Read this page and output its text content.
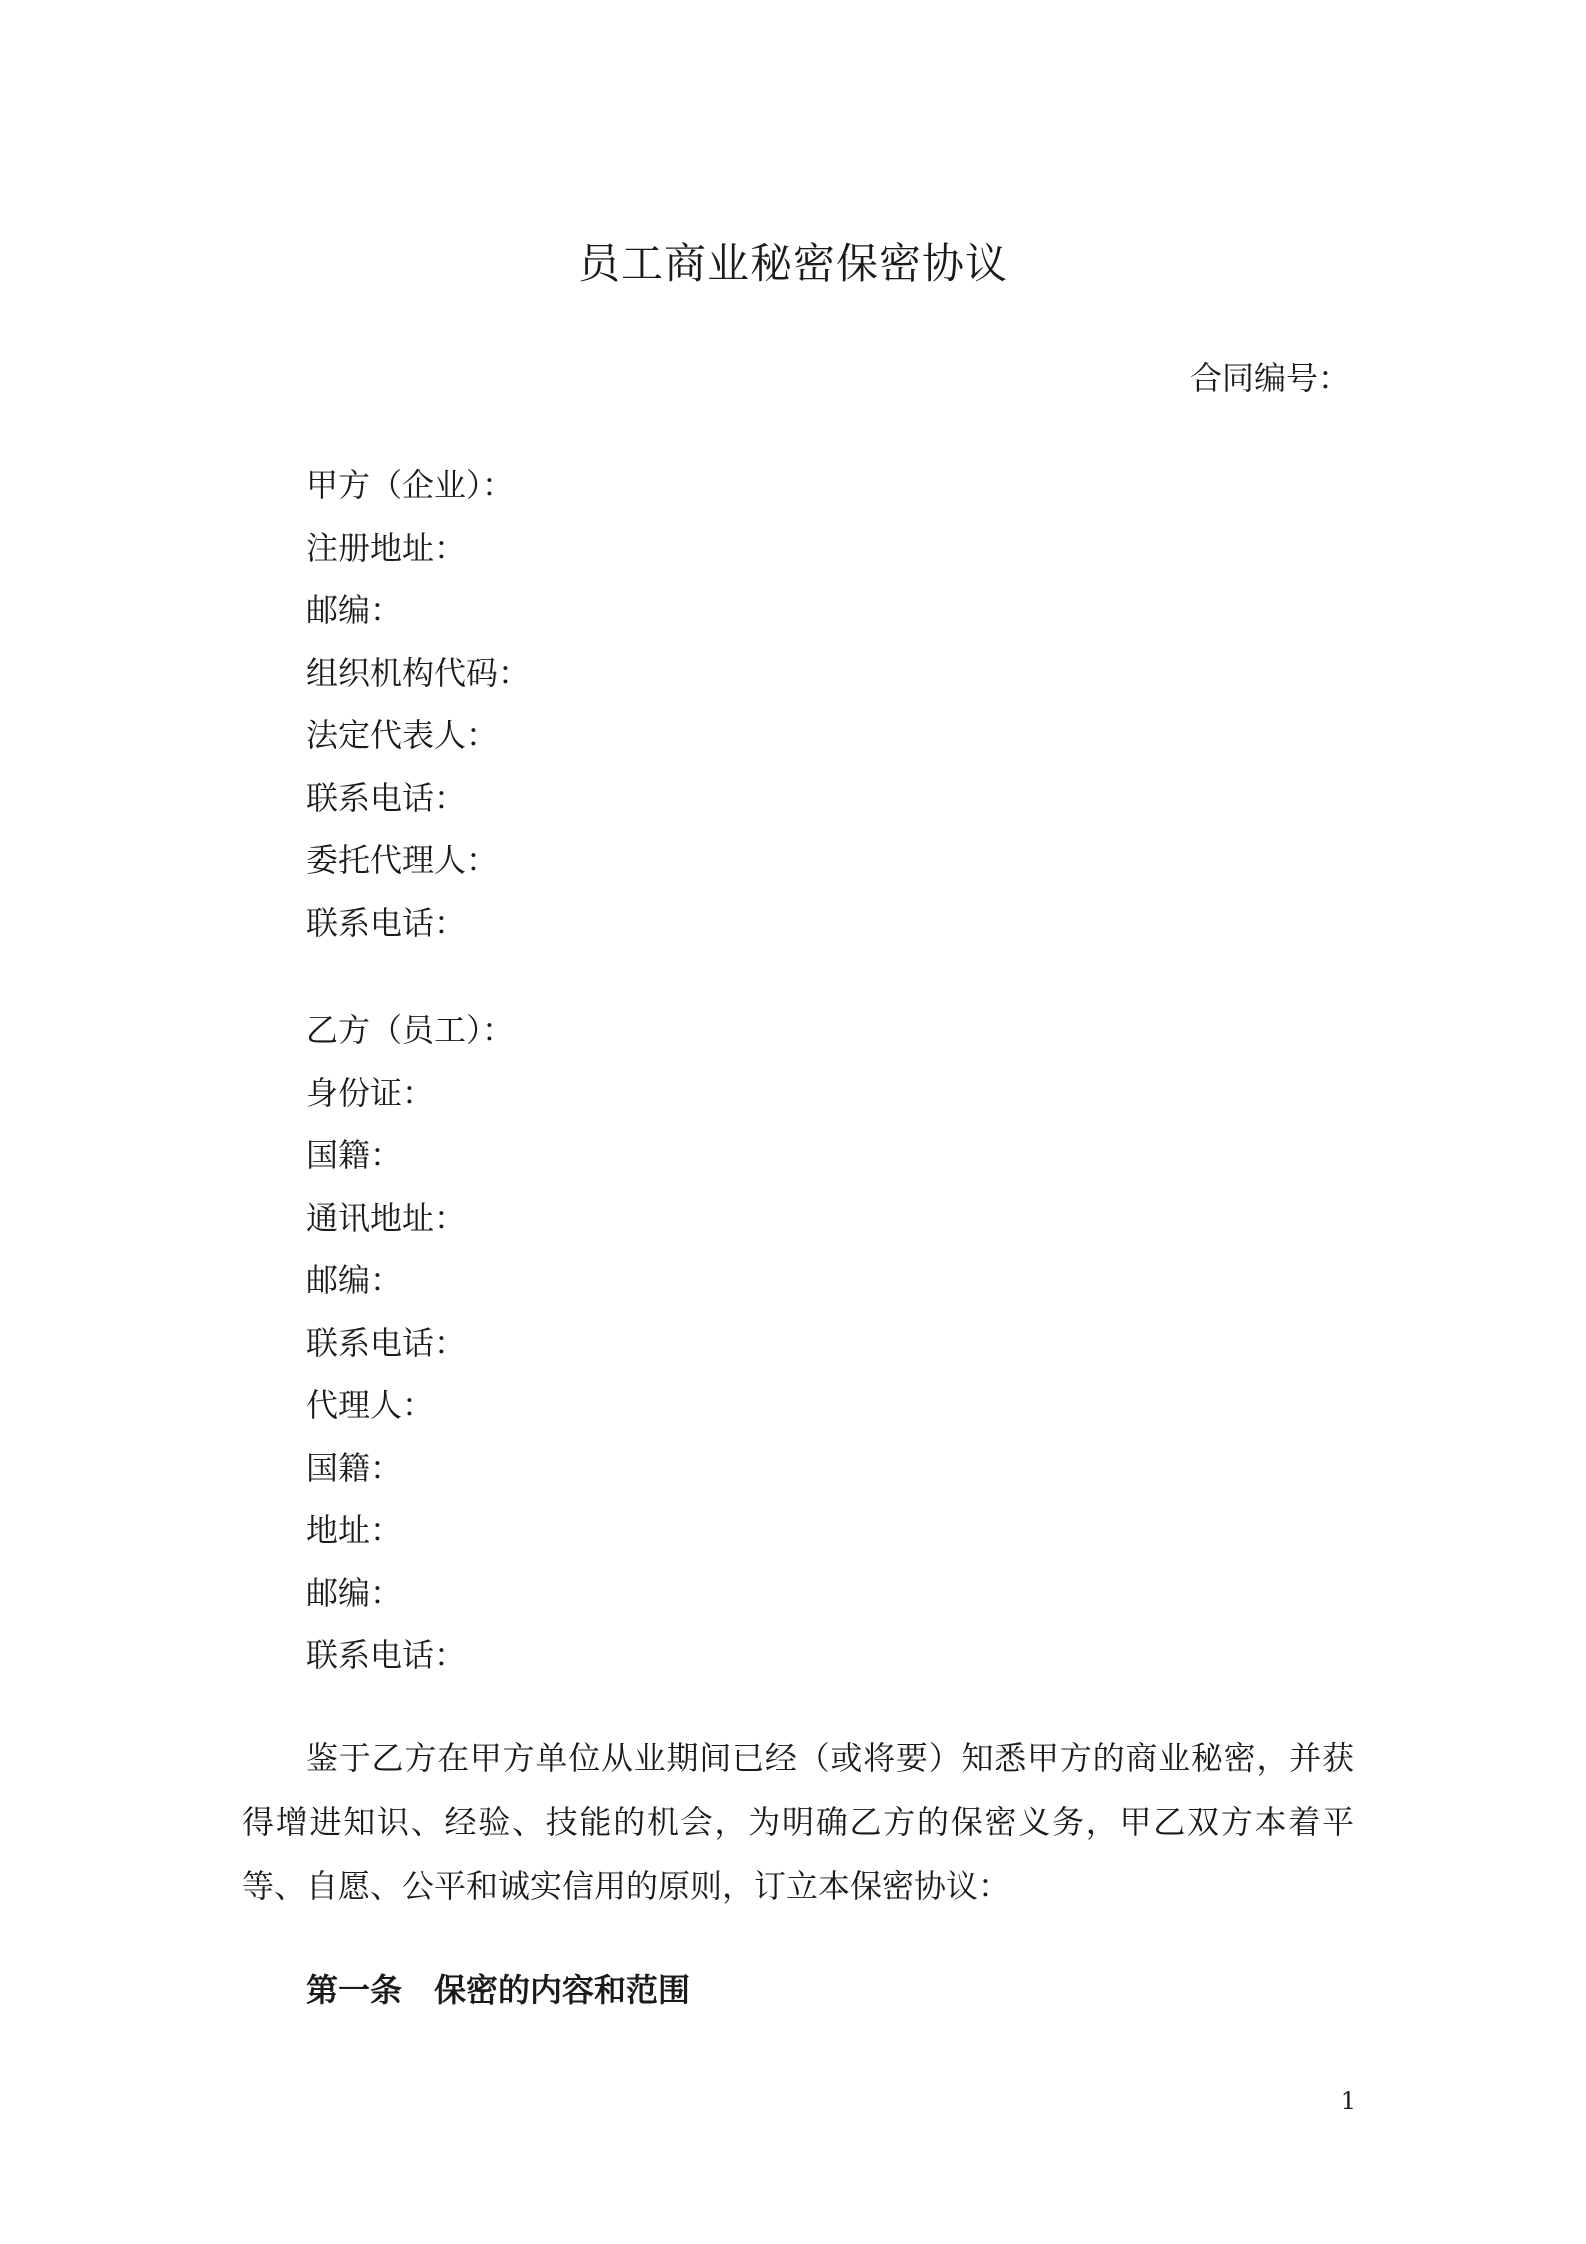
员工商业秘密保密协议
合同编号：
甲方（企业）：
注册地址：
邮编：
组织机构代码：
法定代表人：
联系电话：
委托代理人：
联系电话：
乙方（员工）：
身份证：
国籍：
通讯地址：
邮编：
联系电话：
代理人：
国籍：
地址：
邮编：
联系电话：

鉴于乙方在甲方单位从业期间已经（或将要）知悉甲方的商业秘密，并获得增进知识、经验、技能的机会，为明确乙方的保密义务，甲乙双方本着平等、自愿、公平和诚实信用的原则，订立本保密协议：

第一条　保密的内容和范围
1
